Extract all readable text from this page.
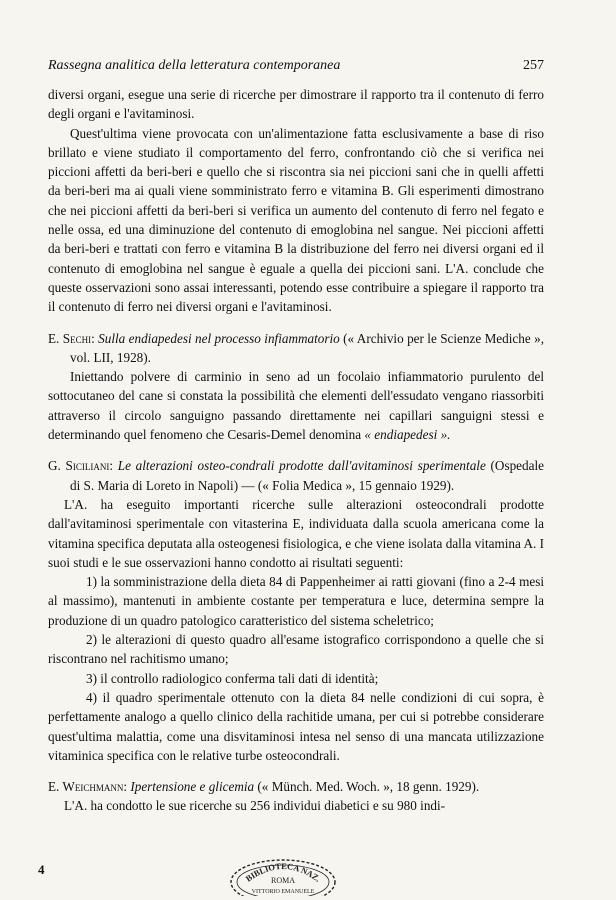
Rassegna analitica della letteratura contemporanea	257

diversi organi, esegue una serie di ricerche per dimostrare il rapporto tra il contenuto di ferro degli organi e l'avitaminosi.

Quest'ultima viene provocata con un'alimentazione fatta esclusivamente a base di riso brillato e viene studiato il comportamento del ferro, confrontando ciò che si verifica nei piccioni affetti da beri-beri e quello che si riscontra sia nei piccioni sani che in quelli affetti da beri-beri ma ai quali viene somministrato ferro e vitamina B. Gli esperimenti dimostrano che nei piccioni affetti da beri-beri si verifica un aumento del contenuto di ferro nel fegato e nelle ossa, ed una diminuzione del contenuto di emoglobina nel sangue. Nei piccioni affetti da beri-beri e trattati con ferro e vitamina B la distribuzione del ferro nei diversi organi ed il contenuto di emoglobina nel sangue è eguale a quella dei piccioni sani. L'A. conclude che queste osservazioni sono assai interessanti, potendo esse contribuire a spiegare il rapporto tra il contenuto di ferro nei diversi organi e l'avitaminosi.

E. Sechi: Sulla endiapedesi nel processo infiammatorio (« Archivio per le Scienze Mediche », vol. LII, 1928).

Iniettando polvere di carminio in seno ad un focolaio infiammatorio purulento del sottocutaneo del cane si constata la possibilità che elementi dell'essudato vengano riassorbiti attraverso il circolo sanguigno passando direttamente nei capillari sanguigni stessi e determinando quel fenomeno che Cesaris-Demel denomina « endiapedesi ».

G. Siciliani: Le alterazioni osteo-condrali prodotte dall'avitaminosi sperimentale (Ospedale di S. Maria di Loreto in Napoli) — (« Folia Medica », 15 gennaio 1929).

L'A. ha eseguito importanti ricerche sulle alterazioni osteocondrali prodotte dall'avitaminosi sperimentale con vitasterina E, individuata dalla scuola americana come la vitamina specifica deputata alla osteogenesi fisiologica, e che viene isolata dalla vitamina A. I suoi studi e le sue osservazioni hanno condotto ai risultati seguenti:

1) la somministrazione della dieta 84 di Pappenheimer ai ratti giovani (fino a 2-4 mesi al massimo), mantenuti in ambiente costante per temperatura e luce, determina sempre la produzione di un quadro patologico caratteristico del sistema scheletrico;

2) le alterazioni di questo quadro all'esame istografico corrispondono a quelle che si riscontrano nel rachitismo umano;

3) il controllo radiologico conferma tali dati di identità;

4) il quadro sperimentale ottenuto con la dieta 84 nelle condizioni di cui sopra, è perfettamente analogo a quello clinico della rachitide umana, per cui si potrebbe considerare quest'ultima malattia, come una disvitaminosi intesa nel senso di una mancata utilizzazione vitaminica specifica con le relative turbe osteocondrali.

E. Weichmann: Ipertensione e glicemia (« Münch. Med. Woch. », 18 genn. 1929).

L'A. ha condotto le sue ricerche su 256 individui diabetici e su 980 indi-

4
BIBLIOTECA NAZ.
ROMA
VITTORIO EMANUELE
